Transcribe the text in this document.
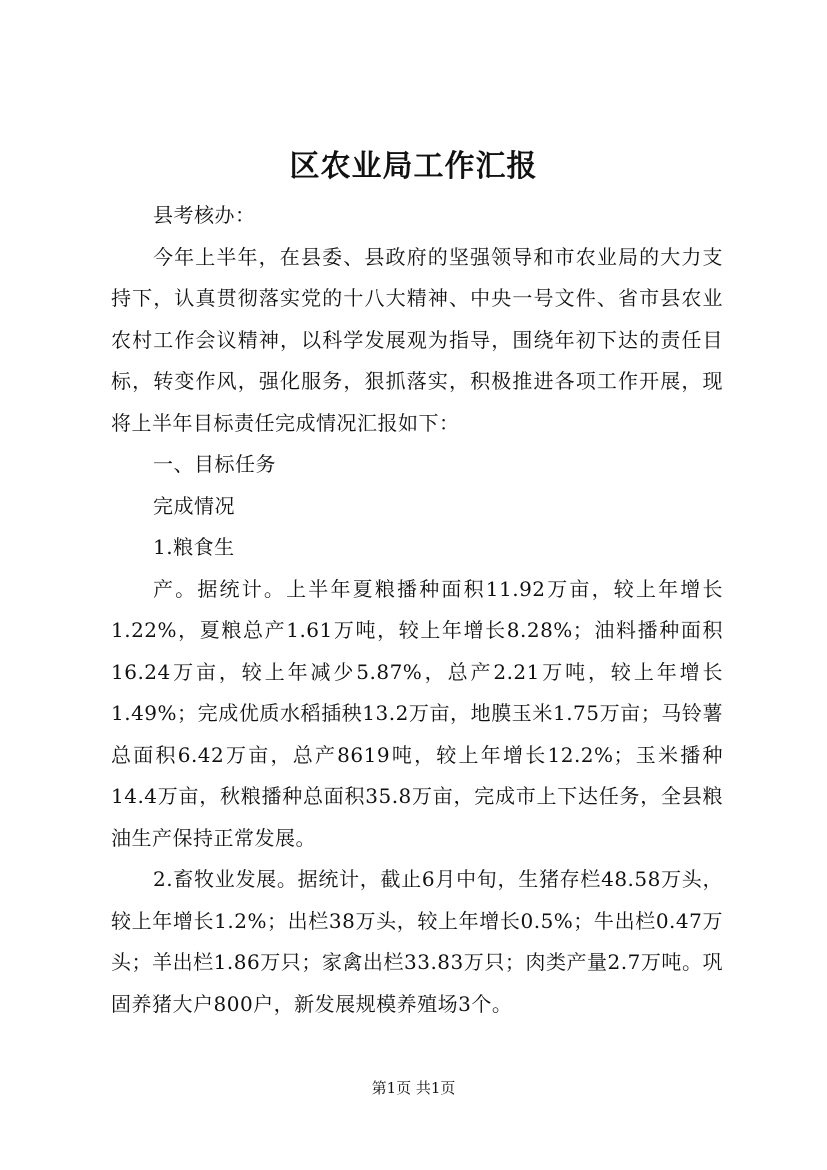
区农业局工作汇报

县考核办：

今年上半年，在县委、县政府的坚强领导和市农业局的大力支持下，认真贯彻落实党的十八大精神、中央一号文件、省市县农业农村工作会议精神，以科学发展观为指导，围绕年初下达的责任目标，转变作风，强化服务，狠抓落实，积极推进各项工作开展，现将上半年目标责任完成情况汇报如下：

一、目标任务

完成情况

1.粮食生

产。据统计。上半年夏粮播种面积11.92万亩，较上年增长1.22%，夏粮总产1.61万吨，较上年增长8.28%；油料播种面积16.24万亩，较上年减少5.87%，总产2.21万吨，较上年增长1.49%；完成优质水稻插秧13.2万亩，地膜玉米1.75万亩；马铃薯总面积6.42万亩，总产8619吨，较上年增长12.2%；玉米播种14.4万亩，秋粮播种总面积35.8万亩，完成市上下达任务，全县粮油生产保持正常发展。

2.畜牧业发展。据统计，截止6月中旬，生猪存栏48.58万头，较上年增长1.2%；出栏38万头，较上年增长0.5%；牛出栏0.47万头；羊出栏1.86万只；家禽出栏33.83万只；肉类产量2.7万吨。巩固养猪大户800户，新发展规模养殖场3个。

第1页 共1页
